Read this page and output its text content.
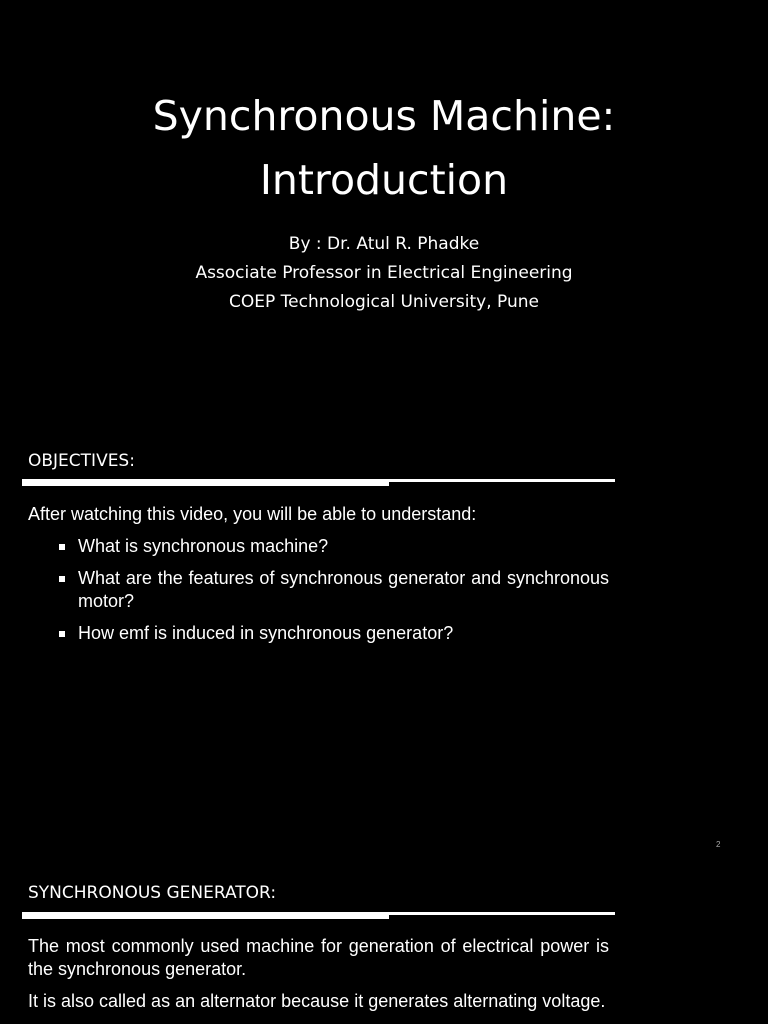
Synchronous Machine:
Introduction
By : Dr. Atul R. Phadke
Associate Professor in Electrical Engineering
COEP Technological University, Pune
OBJECTIVES:
After watching this video, you will be able to understand:
What is synchronous machine?
What are the features of synchronous generator and synchronous motor?
How emf is induced in synchronous generator?
2
SYNCHRONOUS GENERATOR:

The most commonly used machine for generation of electrical power is the synchronous generator.

It is also called as an alternator because it generates alternating voltage.
